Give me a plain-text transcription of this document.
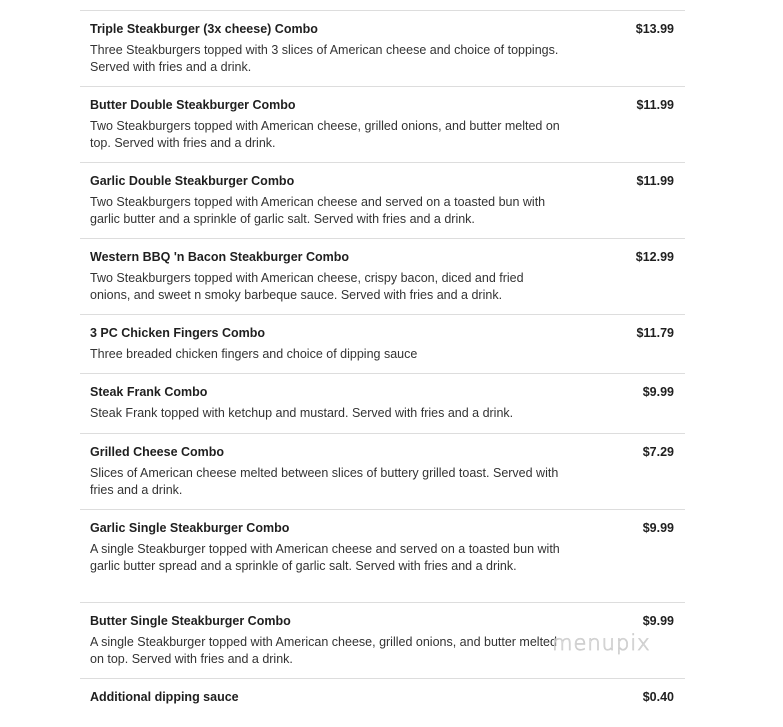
Triple Steakburger (3x cheese) Combo	$13.99
Three Steakburgers topped with 3 slices of American cheese and choice of toppings. Served with fries and a drink.
Butter Double Steakburger Combo	$11.99
Two Steakburgers topped with American cheese, grilled onions, and butter melted on top. Served with fries and a drink.
Garlic Double Steakburger Combo	$11.99
Two Steakburgers topped with American cheese and served on a toasted bun with garlic butter and a sprinkle of garlic salt. Served with fries and a drink.
Western BBQ 'n Bacon Steakburger Combo	$12.99
Two Steakburgers topped with American cheese, crispy bacon, diced and fried onions, and sweet n smoky barbeque sauce. Served with fries and a drink.
3 PC Chicken Fingers Combo	$11.79
Three breaded chicken fingers and choice of dipping sauce
Steak Frank Combo	$9.99
Steak Frank topped with ketchup and mustard. Served with fries and a drink.
Grilled Cheese Combo	$7.29
Slices of American cheese melted between slices of buttery grilled toast. Served with fries and a drink.
Garlic Single Steakburger Combo	$9.99
A single Steakburger topped with American cheese and served on a toasted bun with garlic butter spread and a sprinkle of garlic salt. Served with fries and a drink.
Butter Single Steakburger Combo	$9.99
A single Steakburger topped with American cheese, grilled onions, and butter melted on top. Served with fries and a drink.
Additional dipping sauce	$0.40
menupix
